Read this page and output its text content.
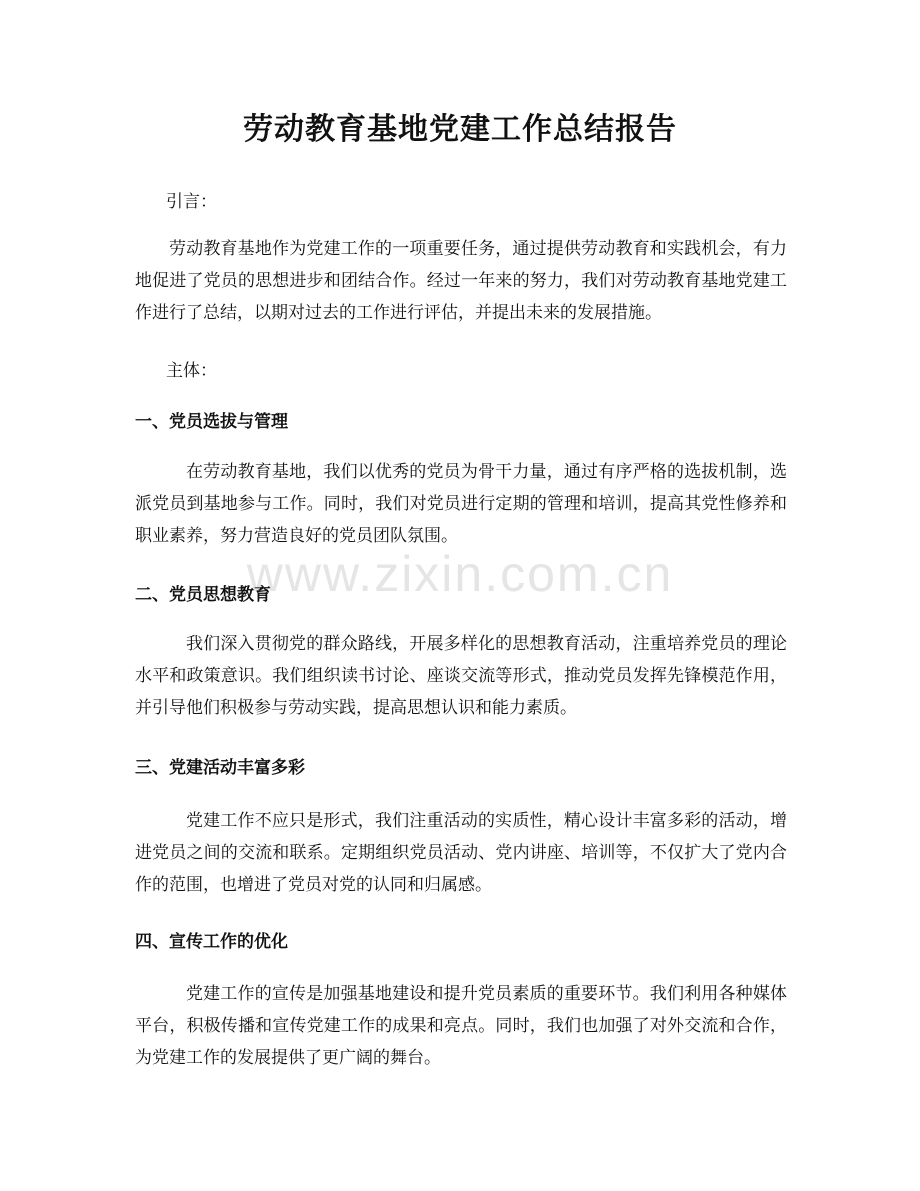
劳动教育基地党建工作总结报告
引言：
劳动教育基地作为党建工作的一项重要任务，通过提供劳动教育和实践机会，有力地促进了党员的思想进步和团结合作。经过一年来的努力，我们对劳动教育基地党建工作进行了总结，以期对过去的工作进行评估，并提出未来的发展措施。
主体：
一、党员选拔与管理
在劳动教育基地，我们以优秀的党员为骨干力量，通过有序严格的选拔机制，选派党员到基地参与工作。同时，我们对党员进行定期的管理和培训，提高其党性修养和职业素养，努力营造良好的党员团队氛围。
二、党员思想教育
我们深入贯彻党的群众路线，开展多样化的思想教育活动，注重培养党员的理论水平和政策意识。我们组织读书讨论、座谈交流等形式，推动党员发挥先锋模范作用，并引导他们积极参与劳动实践，提高思想认识和能力素质。
三、党建活动丰富多彩
党建工作不应只是形式，我们注重活动的实质性，精心设计丰富多彩的活动，增进党员之间的交流和联系。定期组织党员活动、党内讲座、培训等，不仅扩大了党内合作的范围，也增进了党员对党的认同和归属感。
四、宣传工作的优化
党建工作的宣传是加强基地建设和提升党员素质的重要环节。我们利用各种媒体平台，积极传播和宣传党建工作的成果和亮点。同时，我们也加强了对外交流和合作，为党建工作的发展提供了更广阔的舞台。
www.zixin.com.cn
